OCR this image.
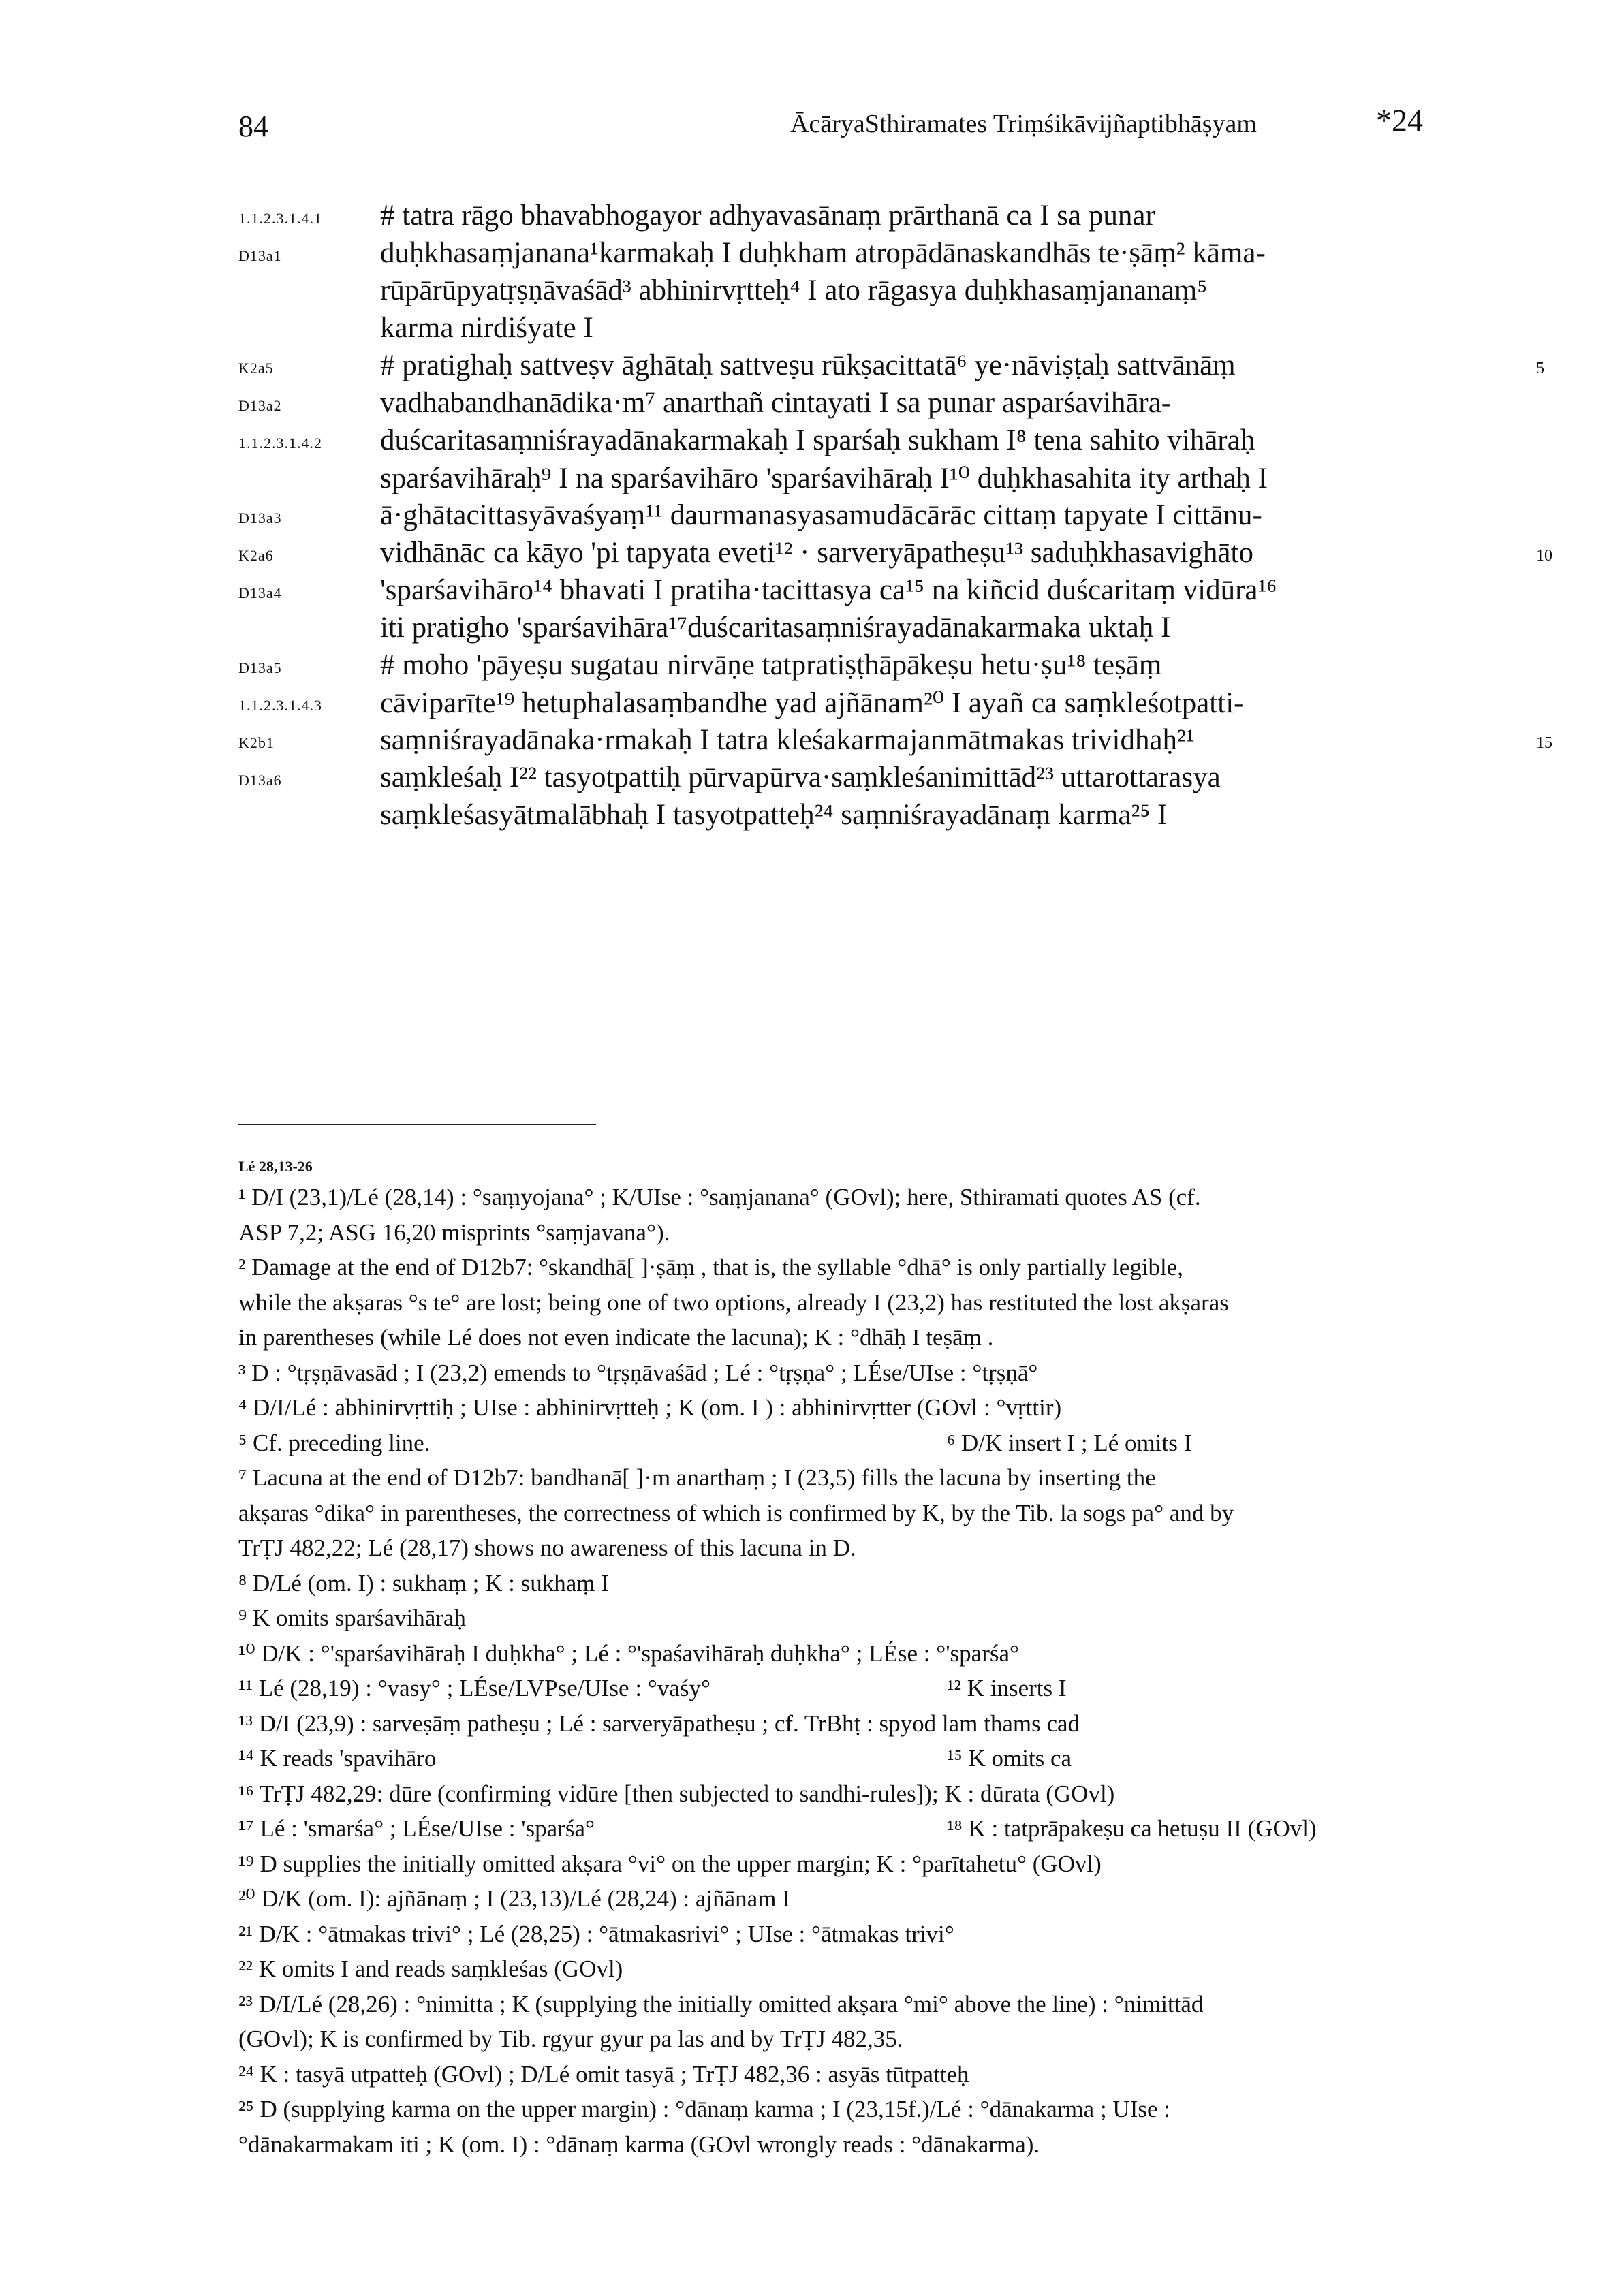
84	ĀcāryaSthiramates Triṃśikāvijñaptibhāṣyam	*24
1.1.2.3.1.4.1 # tatra rāgo bhavabhogayor adhyavasānaṃ prārthanā ca I sa punar
D13a1	duḥkhasaṃjanana¹karmakaḥ I duḥkham atropādānaskandhās te·ṣāṃ² kāma-
rūpārūpyatṛṣṇāvaśād³ abhinirvṛtteḥ⁴ I ato rāgasya duḥkhasaṃjananaṃ⁵
karma nirdiśyate I
K2a5	# pratighaḥ sattveṣv āghātaḥ sattveṣu rūkṣacittatā⁶ ye·nāviṣṭaḥ sattvānāṃ	5
D13a2	vadhabandhanādika·m⁷ anarthañ cintayati I sa punar asparśavihāra-
1.1.2.3.1.4.2 duścaritasaṃniśrayadānakarmakaḥ I sparśaḥ sukham I⁸ tena sahito vihāraḥ
sparśavihāraḥ⁹ I na sparśavihāro 'sparśavihāraḥ I¹⁰ duḥkhasahita ity arthaḥ I
D13a3	ā·ghātacittasyāvaśyaṃ¹¹ daurmanasyasamudācārāc cittaṃ tapyate I cittānu-
K2a6	vidhānāc ca kāyo 'pi tapyata eveti¹² · sarveryāpatheṣu¹³ saduḥkhasavighāto	10
D13a4	'sparśavihāro¹⁴ bhavati I pratiha·tacittasya ca¹⁵ na kiñcid duścaritaṃ vidūra¹⁶
iti pratigho 'sparśavihāra¹⁷duścaritasaṃniśrayadānakarmaka uktaḥ I
D13a5	# moho 'pāyeṣu sugatau nirvāṇe tatpratiṣṭhāpākeṣu hetu·ṣu¹⁸ teṣāṃ
1.1.2.3.1.4.3 cāviparīte¹⁹ hetuphalasaṃbandhe yad ajñānam²⁰ I ayañ ca saṃkleśotpatti-
K2b1	saṃniśrayadānaka·rmakaḥ I tatra kleśakarmajanmātmakas trividhaḥ²¹	15
D13a6	saṃkleśaḥ I²² tasyotpattiḥ pūrvapūrva·saṃkleśanimittād²³ uttarottarasya
saṃkleśasyātmalābhaḥ I tasyotpatteḥ²⁴ saṃniśrayadānaṃ karma²⁵ I
Lé 28,13-26
¹ D/I (23,1)/Lé (28,14) : °saṃyojana° ; K/UIse : °saṃjanana° (GOvl); here, Sthiramati quotes AS (cf.
ASP 7,2; ASG 16,20 misprints °saṃjavana°).
² Damage at the end of D12b7: °skandhā[ ]·ṣāṃ , that is, the syllable °dhā° is only partially legible,
while the akṣaras °s te° are lost; being one of two options, already I (23,2) has restituted the lost akṣaras
in parentheses (while Lé does not even indicate the lacuna); K : °dhāḥ I teṣāṃ .
³ D : °tṛṣṇāvasād ; I (23,2) emends to °tṛṣṇāvaśād ; Lé : °tṛṣṇa° ; LÉse/UIse : °tṛṣṇā°
⁴ D/I/Lé : abhinirvṛttiḥ ; UIse : abhinirvṛtteḥ ; K (om. I ) : abhinirvṛtter (GOvl : °vṛttir)
⁵ Cf. preceding line.	⁶ D/K insert I ; Lé omits I
⁷ Lacuna at the end of D12b7: bandhanā[ ]·m anarthaṃ ; I (23,5) fills the lacuna by inserting the
akṣaras °dika° in parentheses, the correctness of which is confirmed by K, by the Tib. la sogs pa° and by
TrṬJ 482,22; Lé (28,17) shows no awareness of this lacuna in D.
⁸ D/Lé (om. I) : sukhaṃ ; K : sukhaṃ I
⁹ K omits sparśavihāraḥ
¹⁰ D/K : °'sparśavihāraḥ I duḥkha° ; Lé : °'spaśavihāraḥ duḥkha° ; LÉse : °'sparśa°
¹¹ Lé (28,19) : °vasy° ; LÉse/LVPse/UIse : °vaśy°	¹² K inserts I
¹³ D/I (23,9) : sarveṣāṃ patheṣu ; Lé : sarveryāpatheṣu ; cf. TrBhṭ : spyod lam thams cad
¹⁴ K reads 'spavihāro	¹⁵ K omits ca
¹⁶ TrṬJ 482,29: dūre (confirming vidūre [then subjected to sandhi-rules]); K : dūrata (GOvl)
¹⁷ Lé : 'smarśa° ; LÉse/UIse : 'sparśa°	¹⁸ K : tatprāpakeṣu ca hetuṣu II (GOvl)
¹⁹ D supplies the initially omitted akṣara °vi° on the upper margin; K : °parītahetu° (GOvl)
²⁰ D/K (om. I): ajñānaṃ ; I (23,13)/Lé (28,24) : ajñānam I
²¹ D/K : °ātmakas trivi° ; Lé (28,25) : °ātmakasrivi° ; UIse : °ātmakas trivi°
²² K omits I and reads saṃkleśas (GOvl)
²³ D/I/Lé (28,26) : °nimitta ; K (supplying the initially omitted akṣara °mi° above the line) : °nimittād
(GOvl); K is confirmed by Tib. rgyur gyur pa las and by TrṬJ 482,35.
²⁴ K : tasyā utpatteḥ (GOvl) ; D/Lé omit tasyā ; TrṬJ 482,36 : asyās tūtpatteḥ
²⁵ D (supplying karma on the upper margin) : °dānaṃ karma ; I (23,15f.)/Lé : °dānakarma ; UIse :
°dānakarmakam iti ; K (om. I) : °dānaṃ karma (GOvl wrongly reads : °dānakarma).
